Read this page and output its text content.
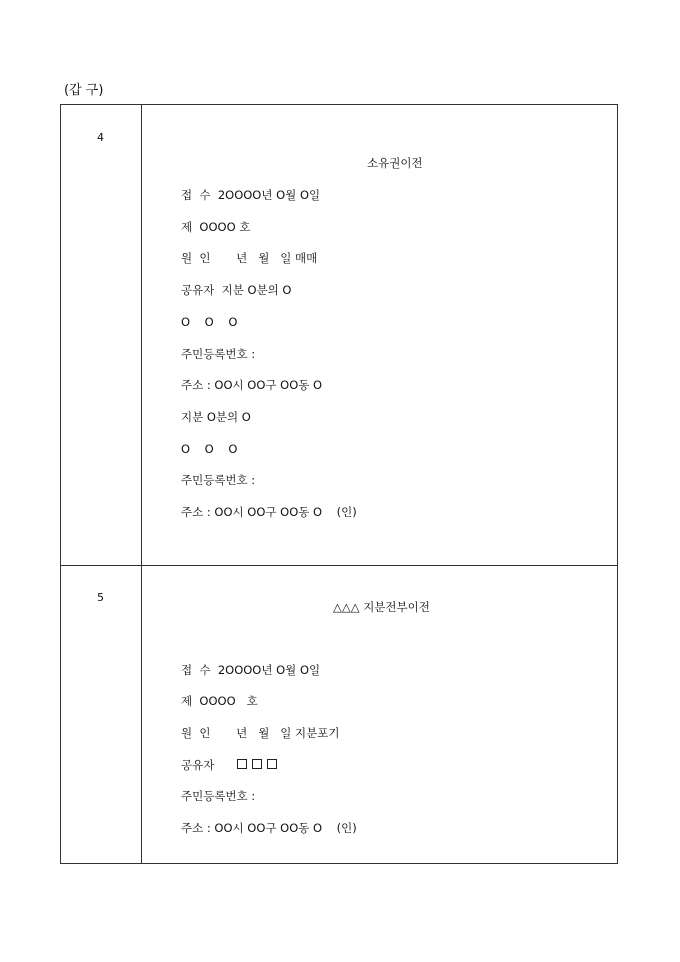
(갑 구)
4
소유권이전
접  수  2OOOO년 O월 O일
제  OOOO 호
원  인       년   월   일 매매
공유자  지분 O분의 O
O    O    O
주민등록번호 :
주소 : OO시 OO구 OO동 O
지분 O분의 O
O    O    O
주민등록번호 :
주소 : OO시 OO구 OO동 O    (인)
5
△△△ 지분전부이전
접  수  2OOOO년 O월 O일
제  OOOO   호
원  인       년   월   일 지분포기
공유자
주민등록번호 :
주소 : OO시 OO구 OO동 O    (인)
